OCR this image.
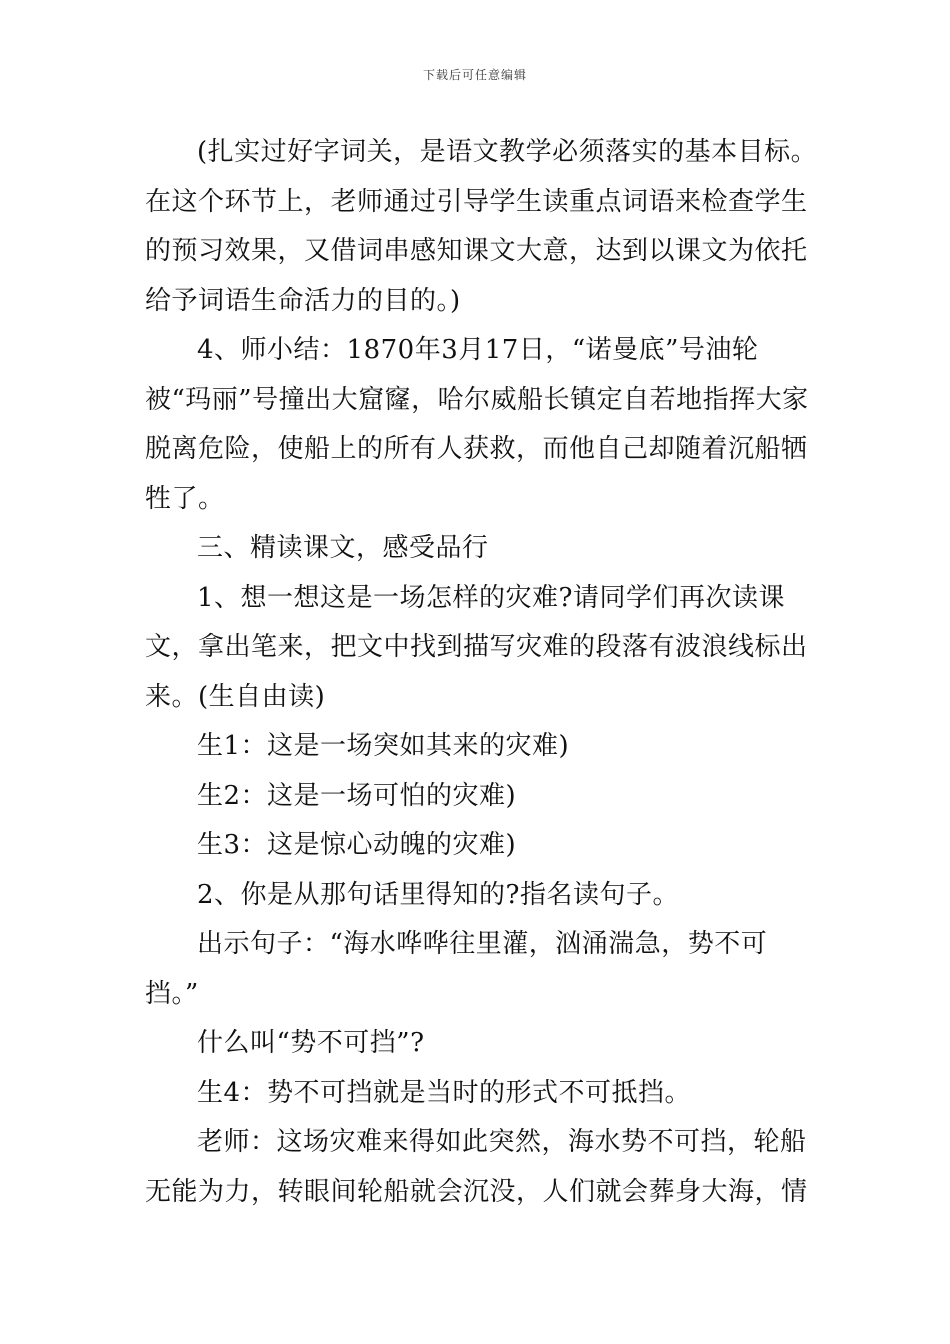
下载后可任意编辑

(扎实过好字词关，是语文教学必须落实的基本目标。在这个环节上，老师通过引导学生读重点词语来检查学生的预习效果，又借词串感知课文大意，达到以课文为依托给予词语生命活力的目的。)

4、师小结：1870年3月17日，“诺曼底”号油轮被“玛丽”号撞出大窟窿，哈尔威船长镇定自若地指挥大家脱离危险，使船上的所有人获救，而他自己却随着沉船牺牲了。

三、精读课文，感受品行

1、想一想这是一场怎样的灾难?请同学们再次读课文，拿出笔来，把文中找到描写灾难的段落有波浪线标出来。(生自由读)

生1：这是一场突如其来的灾难)

生2：这是一场可怕的灾难)

生3：这是惊心动魄的灾难)

2、你是从那句话里得知的?指名读句子。

出示句子：“海水哗哗往里灌，汹涌湍急，势不可挡。”

什么叫“势不可挡”?

生4：势不可挡就是当时的形式不可抵挡。

老师：这场灾难来得如此突然，海水势不可挡，轮船无能为力，转眼间轮船就会沉没，人们就会葬身大海，情
